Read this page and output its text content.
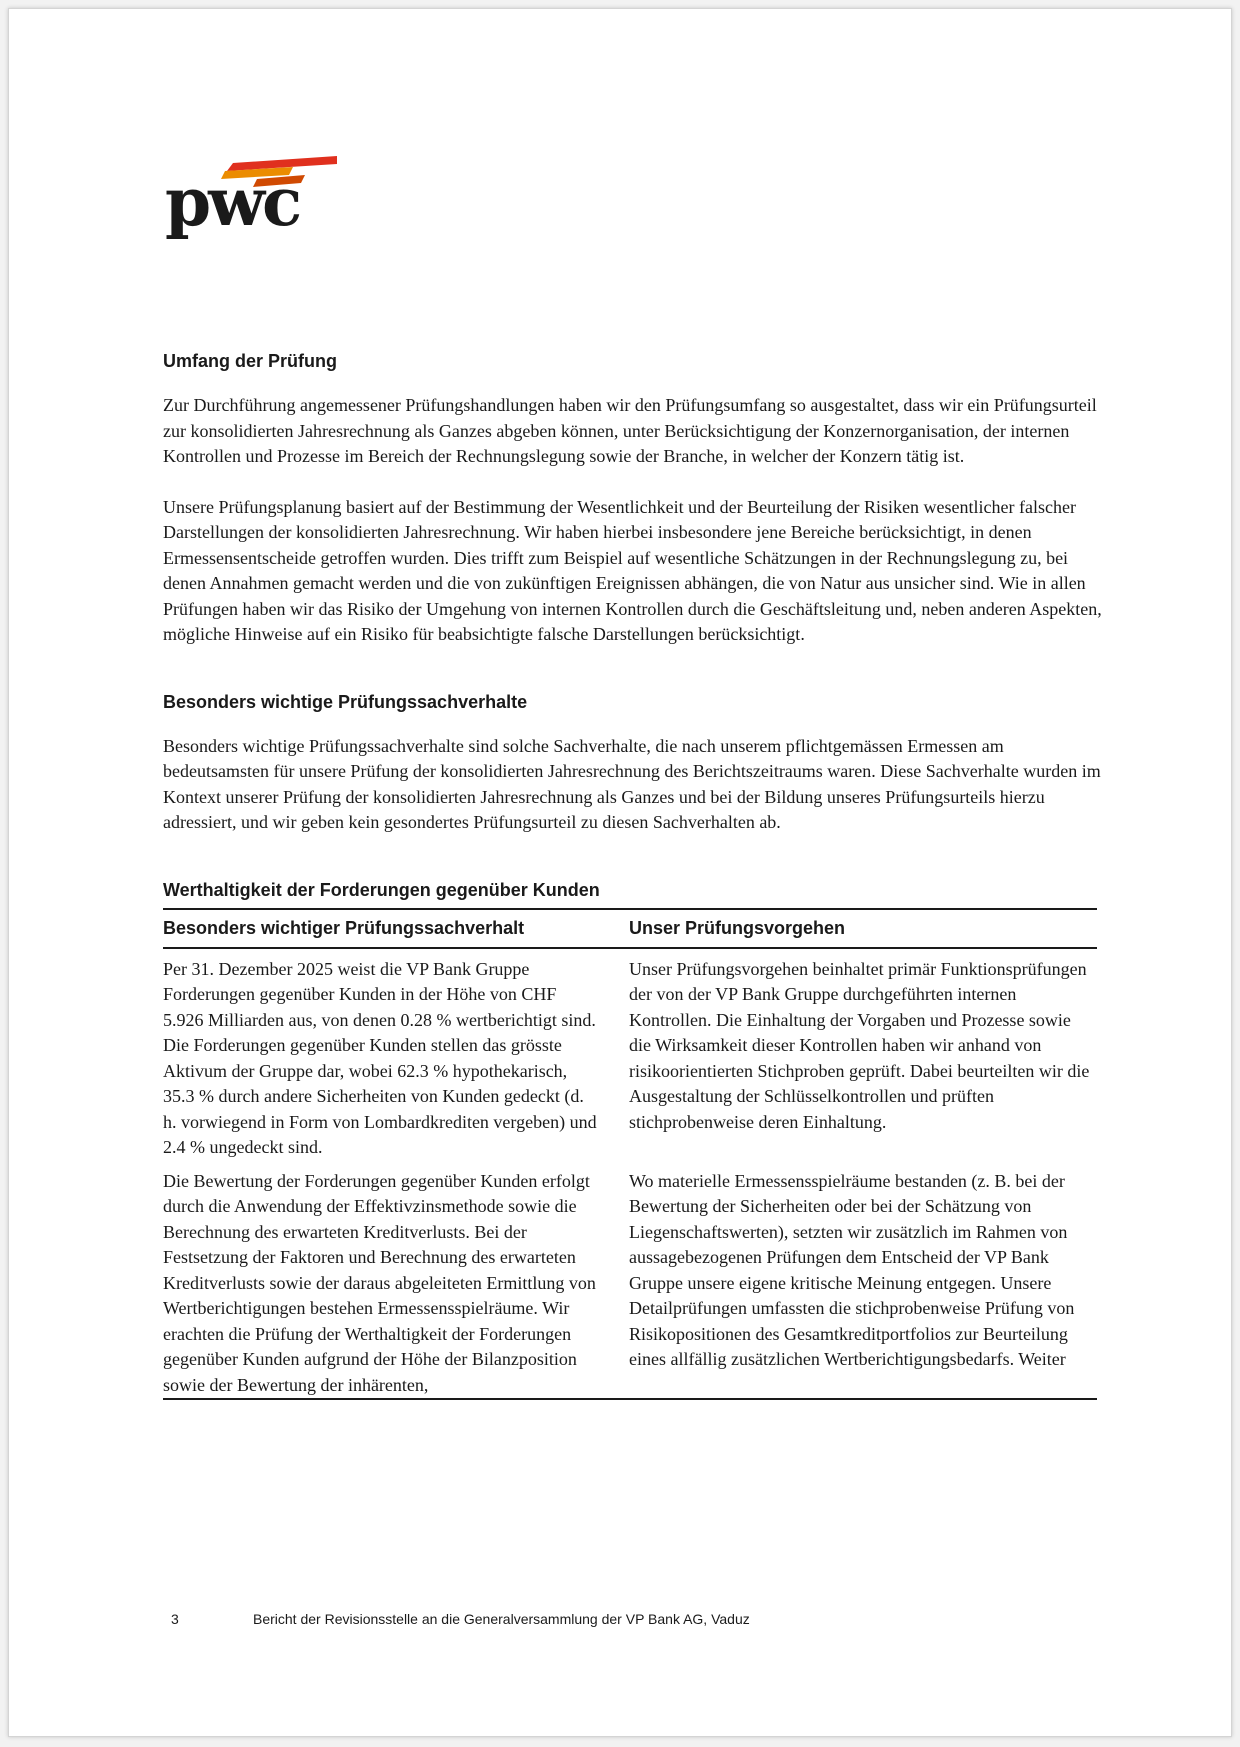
pwc
Umfang der Prüfung

Zur Durchführung angemessener Prüfungshandlungen haben wir den Prüfungsumfang so ausgestaltet, dass wir ein Prüfungsurteil zur konsolidierten Jahresrechnung als Ganzes abgeben können, unter Berücksichtigung der Konzernorganisation, der internen Kontrollen und Prozesse im Bereich der Rechnungslegung sowie der Branche, in welcher der Konzern tätig ist.

Unsere Prüfungsplanung basiert auf der Bestimmung der Wesentlichkeit und der Beurteilung der Risiken wesentlicher falscher Darstellungen der konsolidierten Jahresrechnung. Wir haben hierbei insbesondere jene Bereiche berücksichtigt, in denen Ermessensentscheide getroffen wurden. Dies trifft zum Beispiel auf wesentliche Schätzungen in der Rechnungslegung zu, bei denen Annahmen gemacht werden und die von zukünftigen Ereignissen abhängen, die von Natur aus unsicher sind. Wie in allen Prüfungen haben wir das Risiko der Umgehung von internen Kontrollen durch die Geschäftsleitung und, neben anderen Aspekten, mögliche Hinweise auf ein Risiko für beabsichtigte falsche Darstellungen berücksichtigt.

Besonders wichtige Prüfungssachverhalte

Besonders wichtige Prüfungssachverhalte sind solche Sachverhalte, die nach unserem pflichtgemässen Ermessen am bedeutsamsten für unsere Prüfung der konsolidierten Jahresrechnung des Berichtszeitraums waren. Diese Sachverhalte wurden im Kontext unserer Prüfung der konsolidierten Jahresrechnung als Ganzes und bei der Bildung unseres Prüfungsurteils hierzu adressiert, und wir geben kein gesondertes Prüfungsurteil zu diesen Sachverhalten ab.

Werthaltigkeit der Forderungen gegenüber Kunden
Besonders wichtiger Prüfungssachverhalt	Unser Prüfungsvorgehen

Per 31. Dezember 2025 weist die VP Bank Gruppe Forderungen gegenüber Kunden in der Höhe von CHF 5.926 Milliarden aus, von denen 0.28 % wertberichtigt sind. Die Forderungen gegenüber Kunden stellen das grösste Aktivum der Gruppe dar, wobei 62.3 % hypothekarisch, 35.3 % durch andere Sicherheiten von Kunden gedeckt (d. h. vorwiegend in Form von Lombardkrediten vergeben) und 2.4 % ungedeckt sind.

Unser Prüfungsvorgehen beinhaltet primär Funktionsprüfungen der von der VP Bank Gruppe durchgeführten internen Kontrollen. Die Einhaltung der Vorgaben und Prozesse sowie die Wirksamkeit dieser Kontrollen haben wir anhand von risikoorientierten Stichproben geprüft. Dabei beurteilten wir die Ausgestaltung der Schlüsselkontrollen und prüften stichprobenweise deren Einhaltung.

Die Bewertung der Forderungen gegenüber Kunden erfolgt durch die Anwendung der Effektivzinsmethode sowie die Berechnung des erwarteten Kreditverlusts. Bei der Festsetzung der Faktoren und Berechnung des erwarteten Kreditverlusts sowie der daraus abgeleiteten Ermittlung von Wertberichtigungen bestehen Ermessensspielräume. Wir erachten die Prüfung der Werthaltigkeit der Forderungen gegenüber Kunden aufgrund der Höhe der Bilanzposition sowie der Bewertung der inhärenten,

Wo materielle Ermessensspielräume bestanden (z. B. bei der Bewertung der Sicherheiten oder bei der Schätzung von Liegenschaftswerten), setzten wir zusätzlich im Rahmen von aussagebezogenen Prüfungen dem Entscheid der VP Bank Gruppe unsere eigene kritische Meinung entgegen. Unsere Detailprüfungen umfassten die stichprobenweise Prüfung von Risikopositionen des Gesamtkreditportfolios zur Beurteilung eines allfällig zusätzlichen Wertberichtigungsbedarfs. Weiter

3	Bericht der Revisionsstelle an die Generalversammlung der VP Bank AG, Vaduz
